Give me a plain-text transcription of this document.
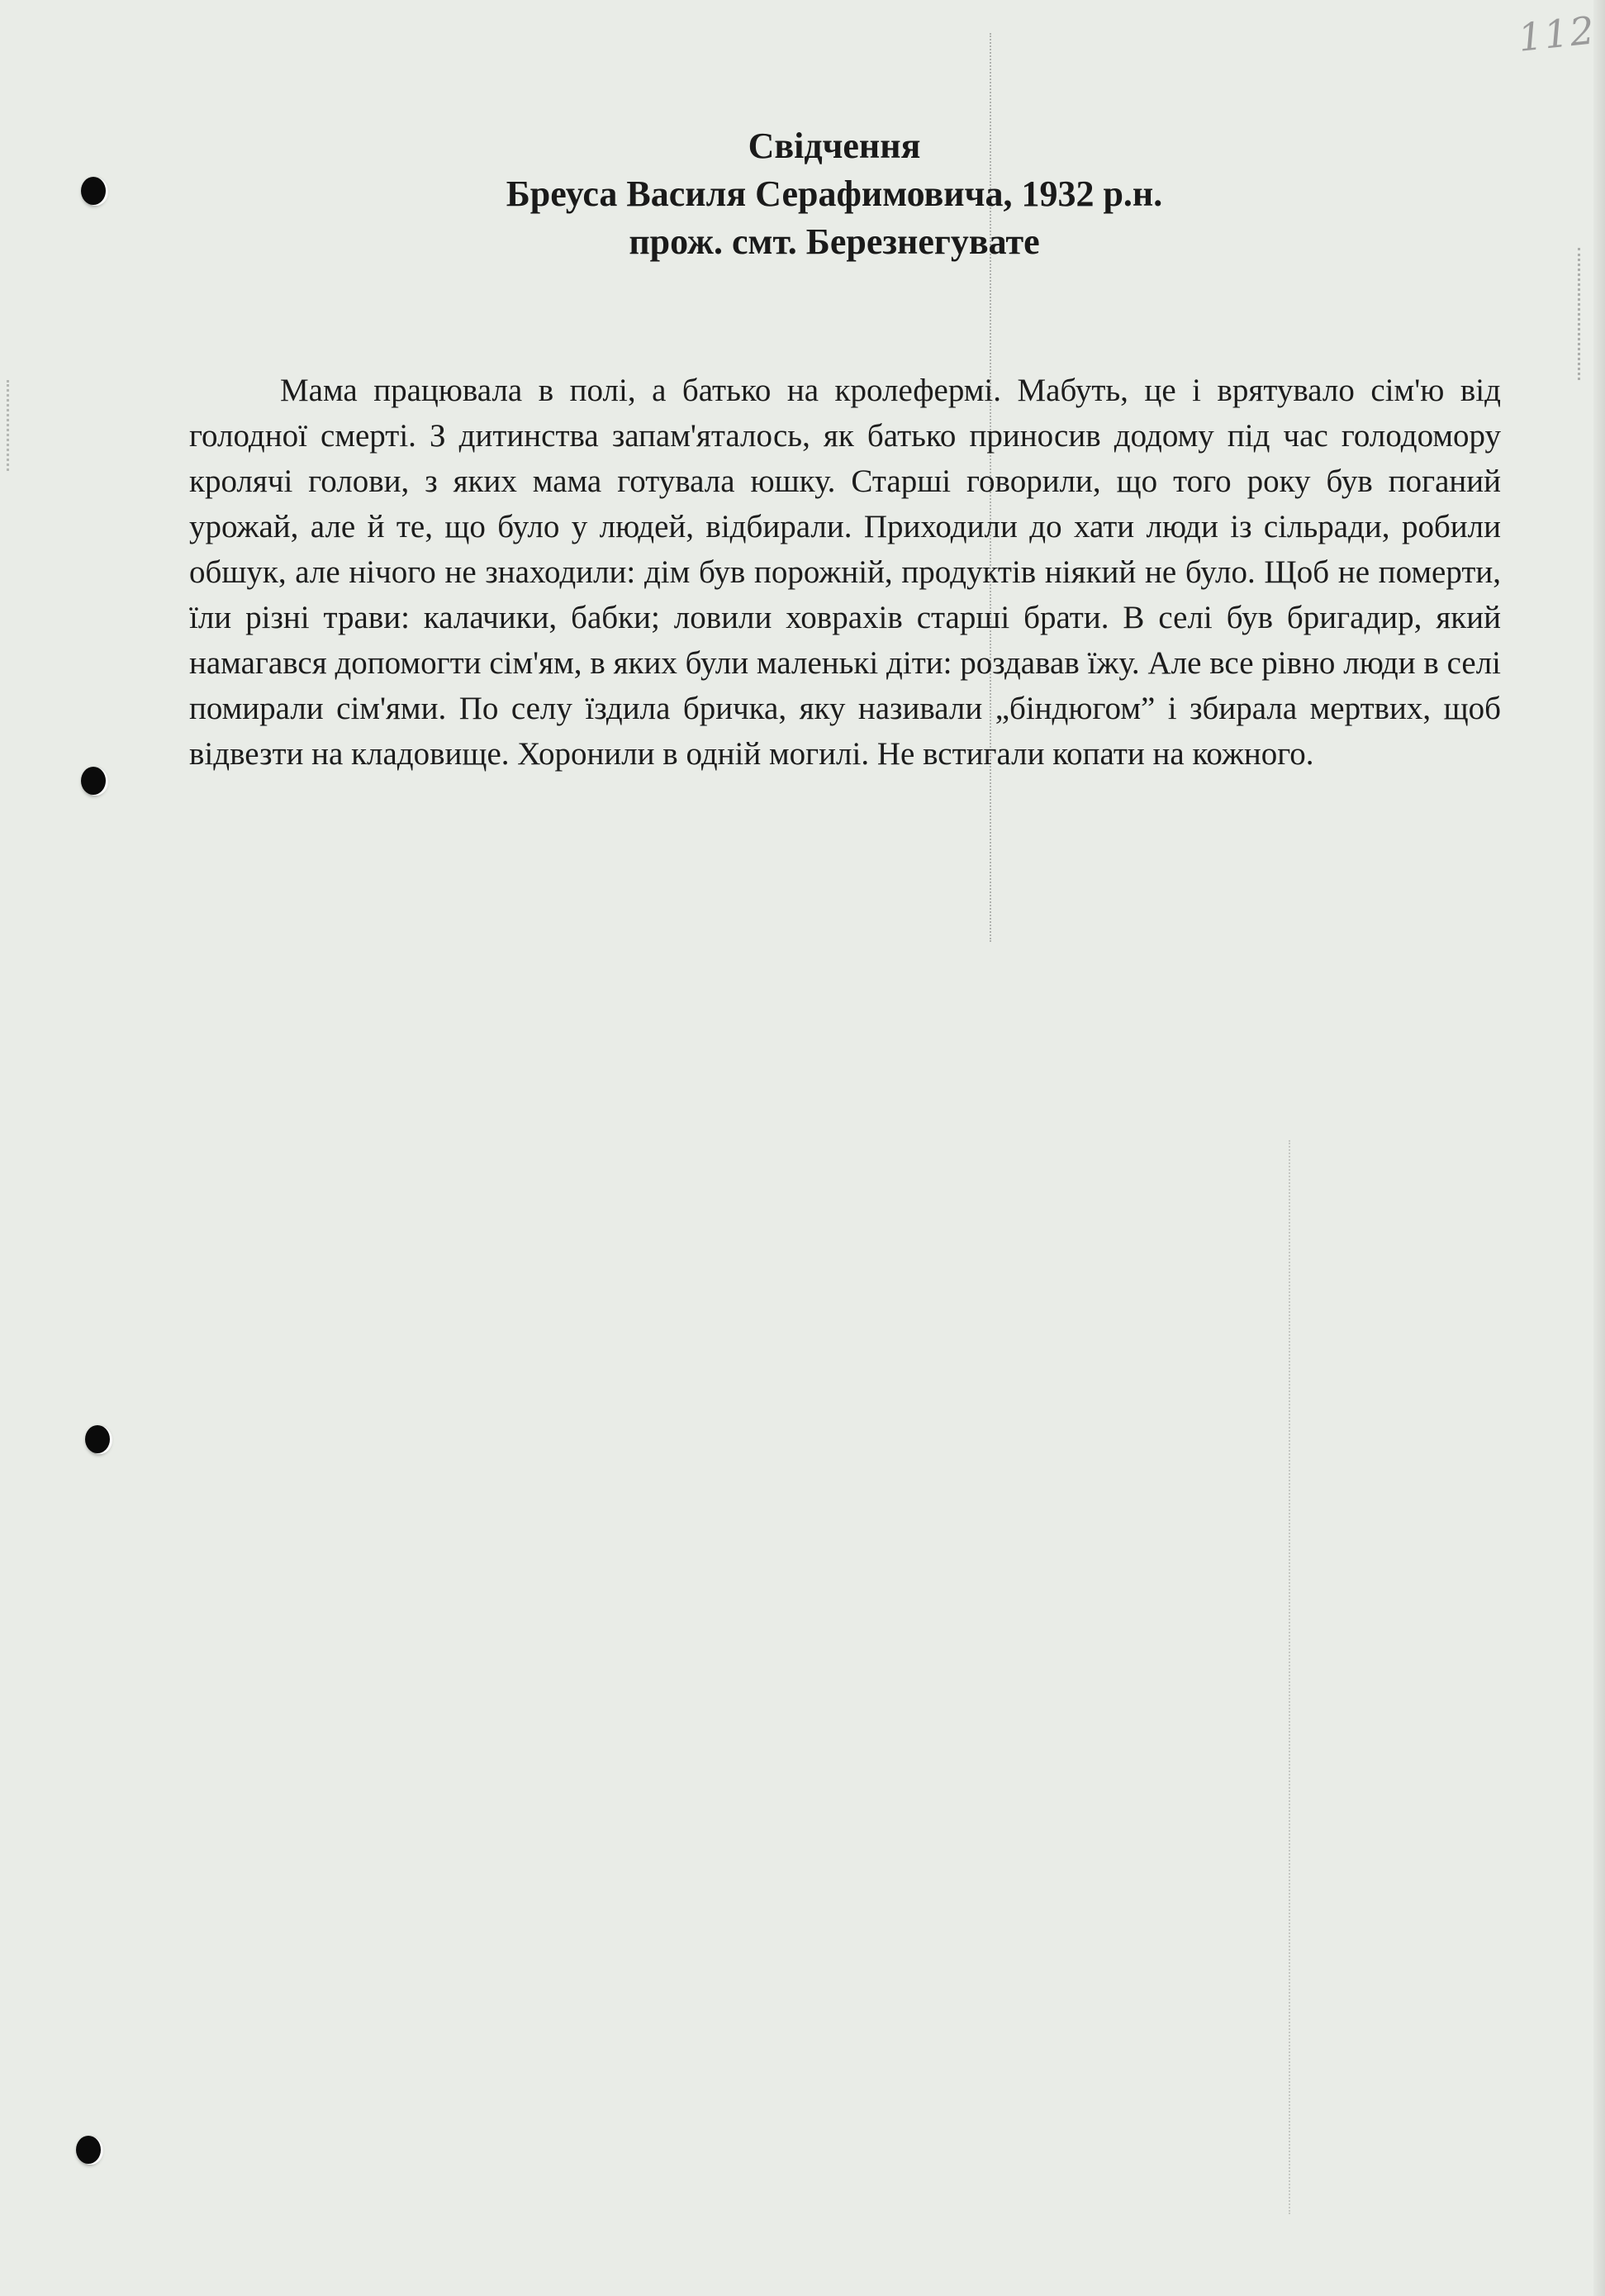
112
Свідчення
Бреуса Василя Серафимовича, 1932 р.н.
прож. смт. Березнегувате

Мама працювала в полі, а батько на кролефермі. Мабуть, це і врятувало сім'ю від голодної смерті. З дитинства запам'яталось, як батько приносив додому під час голодомору кролячі голови, з яких мама готувала юшку. Старші говорили, що того року був поганий урожай, але й те, що було у людей, відбирали. Приходили до хати люди із сільради, робили обшук, але нічого не знаходили: дім був порожній, продуктів ніякий не було. Щоб не померти, їли різні трави: калачики, бабки; ловили ховрахів старші брати. В селі був бригадир, який намагався допомогти сім'ям, в яких були маленькі діти: роздавав їжу. Але все рівно люди в селі помирали сім'ями. По селу їздила бричка, яку називали „біндюгом” і збирала мертвих, щоб відвезти на кладовище. Хоронили в одній могилі. Не встигали копати на кожного.
